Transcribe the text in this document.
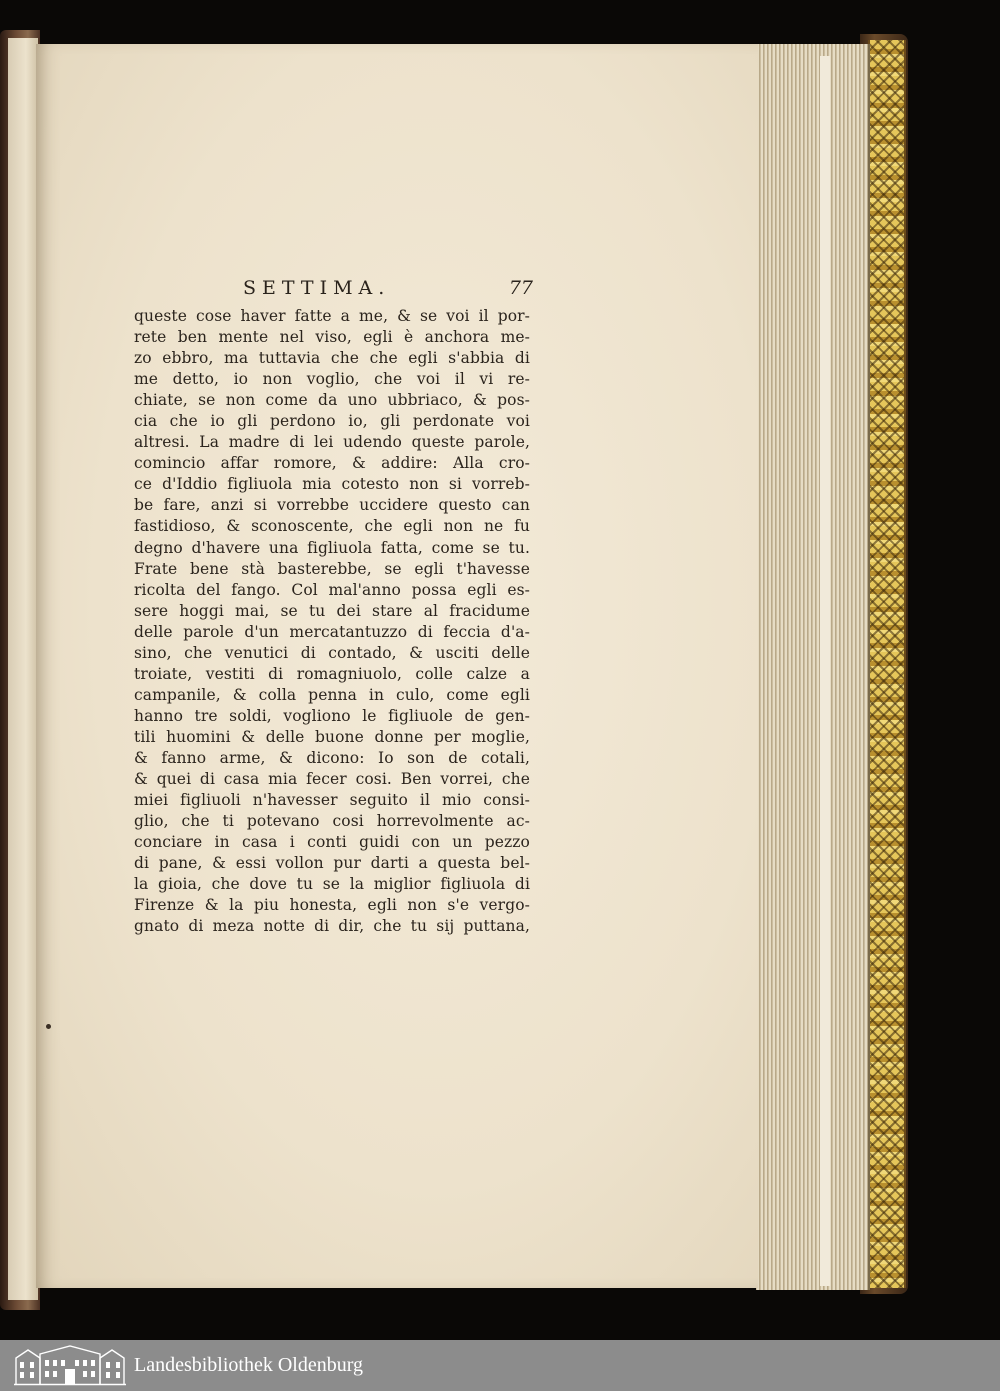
SETTIMA.	77
queste cose haver fatte a me, & se voi il por-
rete ben mente nel viso, egli è anchora me-
zo ebbro, ma tuttavia che che egli s'abbia di
me detto, io non voglio, che voi il vi re-
chiate, se non come da uno ubbriaco, & pos-
cia che io gli perdono io, gli perdonate voi
altresi. La madre di lei udendo queste parole,
comincio affar romore, & addire: Alla cro-
ce d'Iddio figliuola mia cotesto non si vorreb-
be fare, anzi si vorrebbe uccidere questo can
fastidioso, & sconoscente, che egli non ne fu
degno d'havere una figliuola fatta, come se tu.
Frate bene stà basterebbe, se egli t'havesse
ricolta del fango. Col mal'anno possa egli es-
sere hoggi mai, se tu dei stare al fracidume
delle parole d'un mercatantuzzo di feccia d'a-
sino, che venutici di contado, & usciti delle
troiate, vestiti di romagniuolo, colle calze a
campanile, & colla penna in culo, come egli
hanno tre soldi, vogliono le figliuole de gen-
tili huomini & delle buone donne per moglie,
& fanno arme, & dicono: Io son de cotali,
& quei di casa mia fecer cosi. Ben vorrei, che
miei figliuoli n'havesser seguito il mio consi-
glio, che ti potevano cosi horrevolmente ac-
conciare in casa i conti guidi con un pezzo
di pane, & essi vollon pur darti a questa bel-
la gioia, che dove tu se la miglior figliuola di
Firenze & la piu honesta, egli non s'e vergo-
gnato di meza notte di dir, che tu sij puttana,
Landesbibliothek Oldenburg
